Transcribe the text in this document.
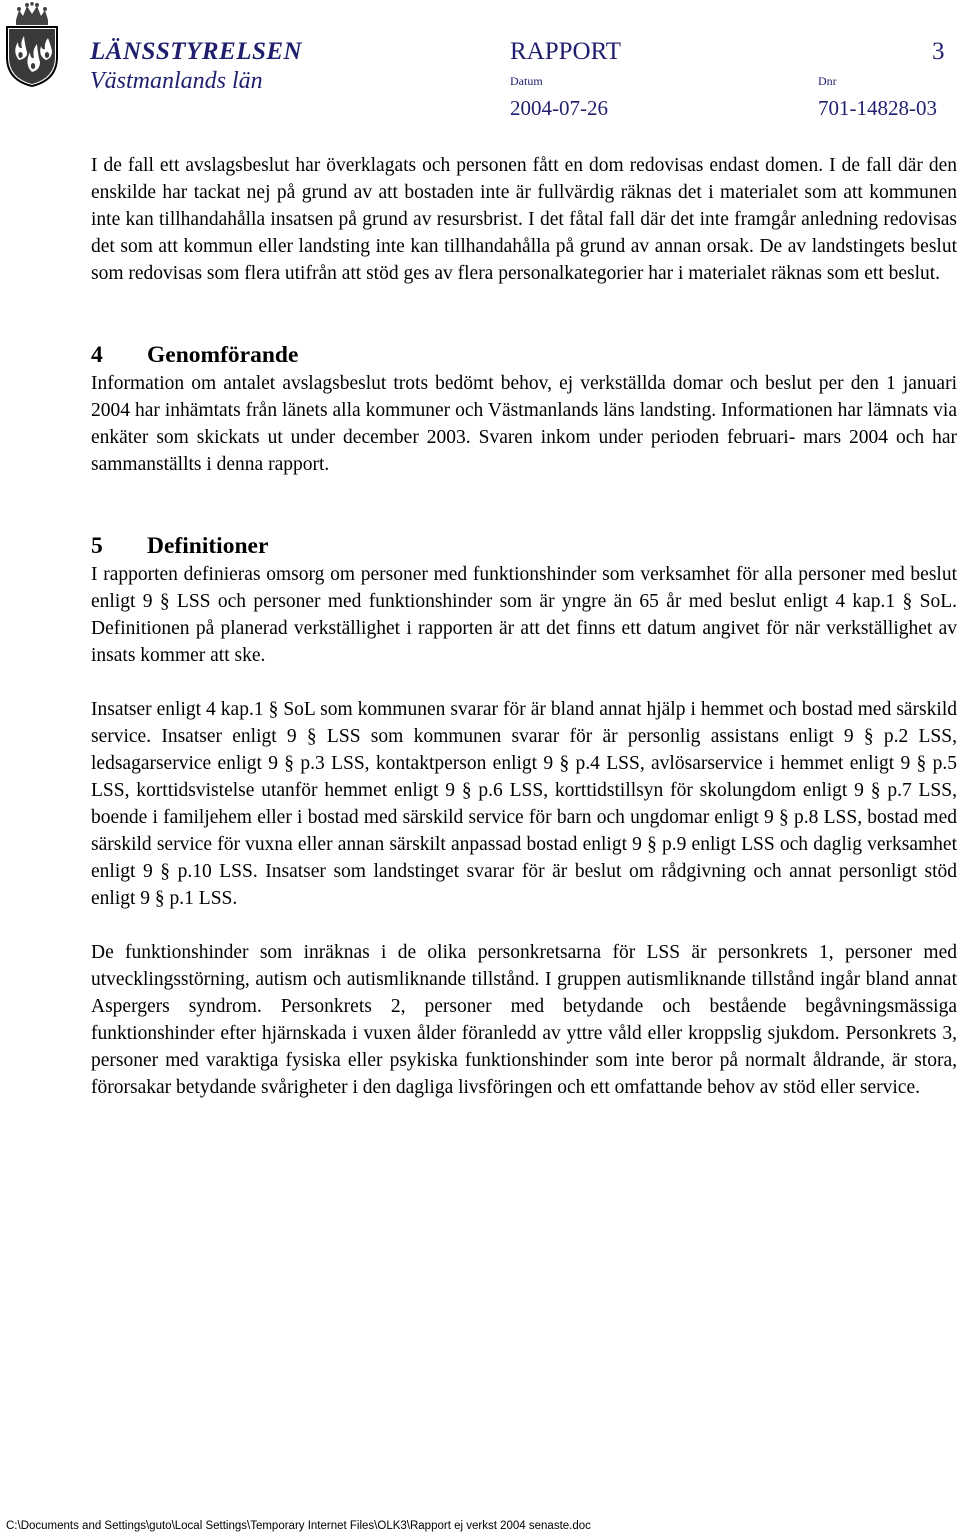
LÄNSSTYRELSEN
Västmanlands län
RAPPORT	3
Datum	Dnr
2004-07-26	701-14828-03

I de fall ett avslagsbeslut har överklagats och personen fått en dom redovisas endast domen. I de fall där den enskilde har tackat nej på grund av att bostaden inte är fullvärdig räknas det i materialet som att kommunen inte kan tillhandahålla insatsen på grund av resursbrist. I det fåtal fall där det inte framgår anledning redovisas det som att kommun eller landsting inte kan tillhandahålla på grund av annan orsak. De av landstingets beslut som redovisas som flera utifrån att stöd ges av flera personalkategorier har i materialet räknas som ett beslut.

4 Genomförande

Information om antalet avslagsbeslut trots bedömt behov, ej verkställda domar och beslut per den 1 januari 2004 har inhämtats från länets alla kommuner och Västmanlands läns landsting. Informationen har lämnats via enkäter som skickats ut under december 2003. Svaren inkom under perioden februari- mars 2004 och har sammanställts i denna rapport.

5 Definitioner

I rapporten definieras omsorg om personer med funktionshinder som verksamhet för alla personer med beslut enligt 9 § LSS och personer med funktionshinder som är yngre än 65 år med beslut enligt 4 kap.1 § SoL. Definitionen på planerad verkställighet i rapporten är att det finns ett datum angivet för när verkställighet av insats kommer att ske.

Insatser enligt 4 kap.1 § SoL som kommunen svarar för är bland annat hjälp i hemmet och bostad med särskild service. Insatser enligt 9 § LSS som kommunen svarar för är personlig assistans enligt 9 § p.2 LSS, ledsagarservice enligt 9 § p.3 LSS, kontaktperson enligt 9 § p.4 LSS, avlösarservice i hemmet enligt 9 § p.5 LSS, korttidsvistelse utanför hemmet enligt 9 § p.6 LSS, korttidstillsyn för skolungdom enligt 9 § p.7 LSS, boende i familjehem eller i bostad med särskild service för barn och ungdomar enligt 9 § p.8 LSS, bostad med särskild service för vuxna eller annan särskilt anpassad bostad enligt 9 § p.9 enligt LSS och daglig verksamhet enligt 9 § p.10 LSS. Insatser som landstinget svarar för är beslut om rådgivning och annat personligt stöd enligt 9 § p.1 LSS.

De funktionshinder som inräknas i de olika personkretsarna för LSS är personkrets 1, personer med utvecklingsstörning, autism och autismliknande tillstånd. I gruppen autismliknande tillstånd ingår bland annat Aspergers syndrom. Personkrets 2, personer med betydande och bestående begåvningsmässiga funktionshinder efter hjärnskada i vuxen ålder föranledd av yttre våld eller kroppslig sjukdom. Personkrets 3, personer med varaktiga fysiska eller psykiska funktionshinder som inte beror på normalt åldrande, är stora, förorsakar betydande svårigheter i den dagliga livsföringen och ett omfattande behov av stöd eller service.

C:\Documents and Settings\guto\Local Settings\Temporary Internet Files\OLK3\Rapport ej verkst 2004 senaste.doc
